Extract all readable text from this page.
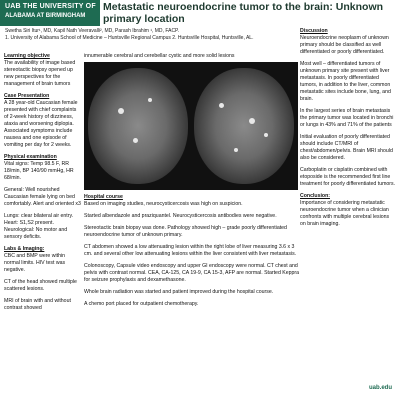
UAB THE UNIVERSITY OF
ALABAMA AT BIRMINGHAM
Metastatic neuroendocrine tumor to the brain: Unknown primary location
Swetha Siri Itur¹, MD, Kapil Nath Veeravalli², MD, Parash Ibrahim ¹, MD, FACP.
1. University of Alabama School of Medicine – Huntsville Regional Campus 2. Huntsville Hospital, Huntsville, AL.
Learning objective

The availability of image based stereotactic biopsy opened up new perspectives for the management of brain tumors

Case Presentation

A 28 year-old Caucasian female presented with chief complaints of 2-week history of dizziness, ataxia and worsening diplopia. Associated symptoms include nausea and one episode of vomiting per day for 2 weeks.

Physical examination

Vital signs: Temp 98.5 F, RR 18/min, BP 140/90 mmHg, HR 68/min.

General: Well nourished Caucasian female lying on bed comfortably. Alert and oriented x3

Lungs: clear bilateral air entry. Heart: S1,S2 present. Neurological: No motor and sensory deficits.

Labs & Imaging:

CBC and BMP were within normal limits. HIV test was negative.

CT of the head showed multiple scattered lesions.

MRI of brain with and without contrast showed

innumerable cerebral and cerebellar cystic and more solid lesions
Hospital course

Based on imaging studies, neurocysticercosis was high on suspicion.

Started albendazole and praziquantel. Neurocysticercosis antibodies were negative.

Stereotactic brain biopsy was done. Pathology showed high – grade poorly differentiated neuroendocrine tumor of unknown primary.

CT abdomen showed a low attenuating lesion within the right lobe of liver measuring 3.6 x 3 cm. and several other low attenuating lesions within the liver consistent with liver metastasis.

Colonoscopy, Capsule video endoscopy and upper GI endoscopy were normal. CT chest and pelvis with contrast normal. CEA, CA-125, CA 19-9, CA 15-3, AFP are normal. Started Keppra for seizure prophylaxis and dexamethasone.

Whole brain radiation was started and patient improved during the hospital course.

A chemo port placed for outpatient chemotherapy.

Discussion

Neuroendocrine neoplasm of unknown primary should be classified as well differentiated or poorly differentiated.

Most well – differentiated tumors of unknown primary site present with liver metastasis. In poorly differentiated tumors, in addition to the liver, common metastatic sites include bone, lung, and brain.

In the largest series of brain metastasis the primary tumor was located in bronchi or lungs in 43% and 71% of the patients

Initial evaluation of poorly differentiated should include CT/MRI of chest/abdomen/pelvis. Brain MRI should also be considered.

Carboplatin or cisplatin combined with etoposide is the recommended first line treatment for poorly differentiated tumors.

Conclusion:

Importance of considering metastatic neuroendocrine tumor when a clinician confronts with multiple cerebral lesions on brain imaging.

uab.edu
